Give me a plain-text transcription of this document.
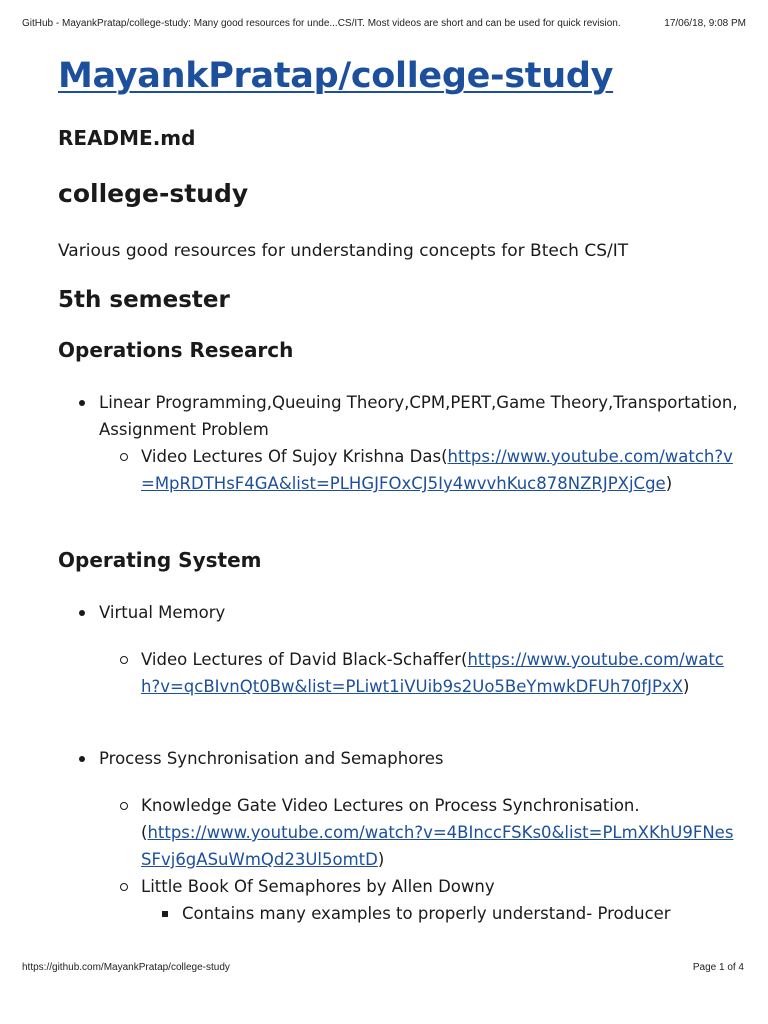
GitHub - MayankPratap/college-study: Many good resources for unde...CS/IT. Most videos are short and can be used for quick revision.	17/06/18, 9:08 PM
MayankPratap/college-study
README.md
college-study
Various good resources for understanding concepts for Btech CS/IT
5th semester
Operations Research
Linear Programming,Queuing Theory,CPM,PERT,Game Theory,Transportation, Assignment Problem
Video Lectures Of Sujoy Krishna Das(https://www.youtube.com/watch?v=MpRDTHsF4GA&list=PLHGJFOxCJ5Iy4wvvhKuc878NZRJPXjCge)
Operating System
Virtual Memory
Video Lectures of David Black-Schaffer(https://www.youtube.com/watch?v=qcBIvnQt0Bw&list=PLiwt1iVUib9s2Uo5BeYmwkDFUh70fJPxX)
Process Synchronisation and Semaphores
Knowledge Gate Video Lectures on Process Synchronisation.
(https://www.youtube.com/watch?v=4BIncсFSKs0&list=PLmXKhU9FNesSFvj6gASuWmQd23Ul5omtD)
Little Book Of Semaphores by Allen Downy
Contains many examples to properly understand- Producer
https://github.com/MayankPratap/college-study	Page 1 of 4
